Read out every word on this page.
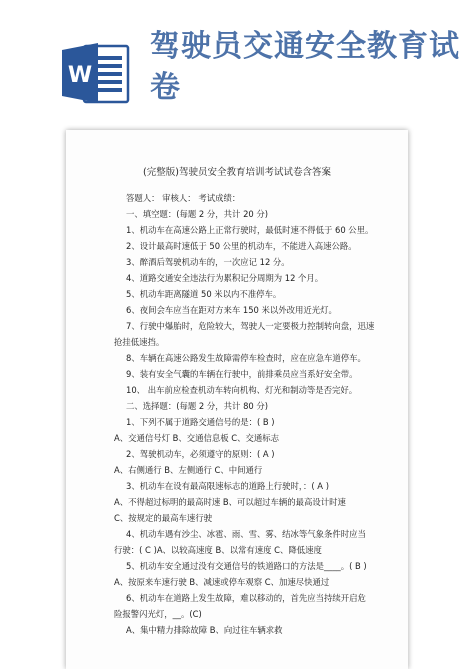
W
驾驶员交通安全教育试卷
(完整版)驾驶员安全教育培训考试试卷含答案
答题人： 审核人： 考试成绩：
一、填空题：(每题 2 分，共计 20 分)
1、机动车在高速公路上正常行驶时，最低时速不得低于 60 公里。
2、设计最高时速低于 50 公里的机动车，不能进入高速公路。
3、醉酒后驾驶机动车的，一次应记 12 分。
4、道路交通安全违法行为累积记分周期为 12 个月。
5、机动车距离隧道 50 米以内不准停车。
6、夜间会车应当在距对方来车 150 米以外改用近光灯。
7、行驶中爆胎时，危险较大，驾驶人一定要极力控制转向盘，迅速
抢挂低速挡。
8、车辆在高速公路发生故障需停车检查时，应在应急车道停车。
9、装有安全气囊的车辆在行驶中，前排乘员应当系好安全带。
10、 出车前应检查机动车转向机构、灯光和制动等是否完好。
二、选择题：(每题 2 分，共计 80 分)
1、下列不属于道路交通信号的是：( B )
A、交通信号灯 B、交通信息板 C、交通标志
2、驾驶机动车，必须遵守的原则：( A )
A、右侧通行 B、左侧通行 C、中间通行
3、机动车在设有最高限速标志的道路上行驶时，：( A )
A、不得超过标明的最高时速 B、可以超过车辆的最高设计时速
C、按规定的最高车速行驶
4、机动车遇有沙尘、冰雹、雨、雪、雾、结冰等气象条件时应当
行驶：( C )A、以较高速度 B、以常有速度 C、降低速度
5、机动车安全通过没有交通信号的铁道路口的方法是____。( B )
A、按原来车速行驶 B、减速或停车观察 C、加速尽快通过
6、机动车在道路上发生故障，难以移动的，首先应当持续开启危
险报警闪光灯，__。(C)
A、集中精力排除故障 B、向过往车辆求救
